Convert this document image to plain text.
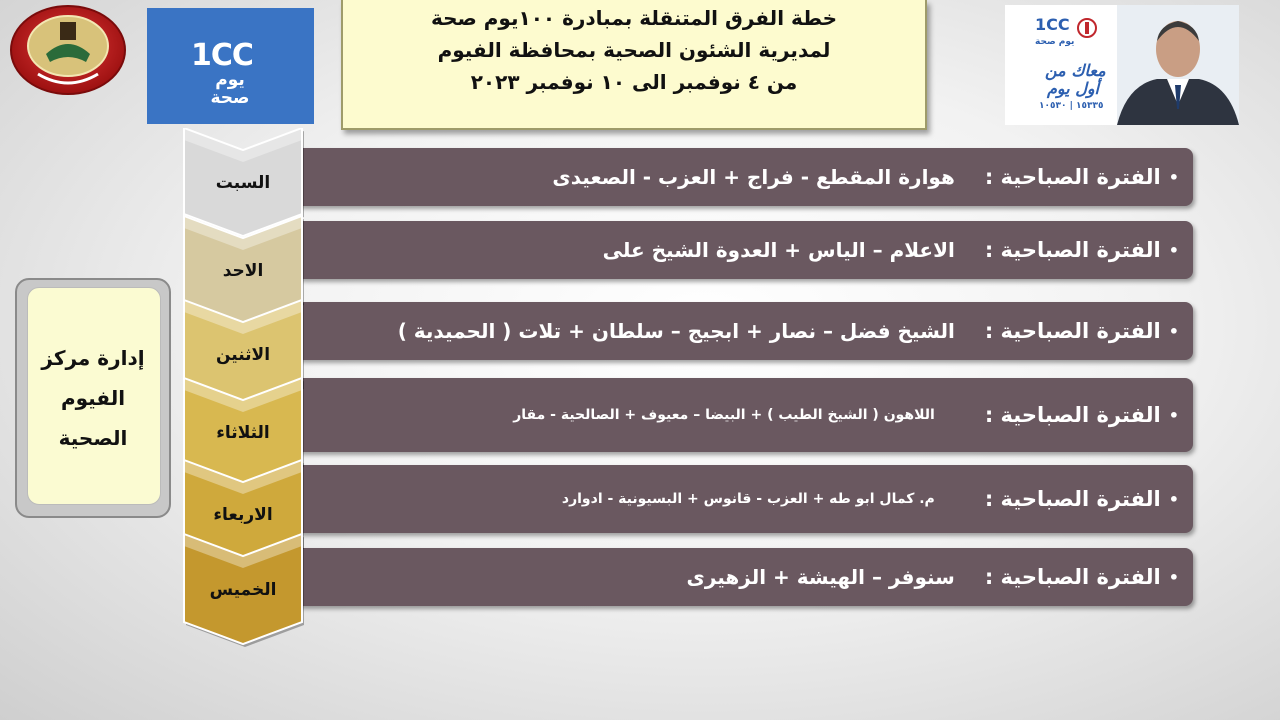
1CC
يوم
صحة
خطة الفرق المتنقلة بمبادرة ١٠٠يوم صحة
لمديرية الشئون الصحية بمحافظة الفيوم
من ٤ نوفمبر الى ١٠ نوفمبر ٢٠٢٣
1CC
يوم صحة
معاك من
أول يوم
١٥٣٣٥ | ١٠٥٣٠
إدارة مركز
الفيوم
الصحية
•
الفترة الصباحية :
هوارة المقطع - فراج + العزب - الصعيدى
•
الفترة الصباحية :
الاعلام – الياس + العدوة الشيخ على
•
الفترة الصباحية :
الشيخ فضل – نصار + ابجيج – سلطان + تلات ( الحميدية )
•
الفترة الصباحية :
اللاهون ( الشيخ الطيب ) + البيضا – معيوف + الصالحية - مقار
•
الفترة الصباحية :
م. كمال ابو طه + العزب - قانوس + البسيونية - ادوارد
•
الفترة الصباحية :
سنوفر – الهيشة + الزهيرى
السبت
الاحد
الاثنين
الثلاثاء
الاربعاء
الخميس
